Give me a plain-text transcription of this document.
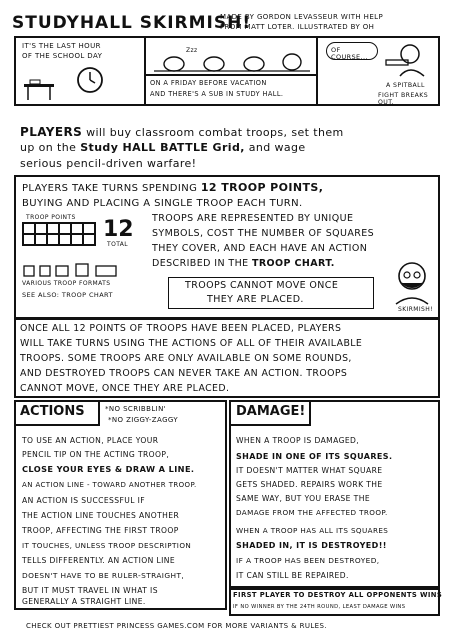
STUDYHALL SKIRMISH!
MADE BY GORDON LEVASSEUR WITH HELP
FROM MATT LOTER. ILLUSTRATED BY OH
IT'S THE LAST HOUR
OF THE SCHOOL DAY
Zzz
ON A FRIDAY BEFORE VACATION
AND THERE'S A SUB IN STUDY HALL.
OF COURSE...
A SPITBALL
FIGHT BREAKS OUT.
PLAYERS will buy classroom combat troops, set them
up on the Study HALL BATTLE Grid, and wage
serious pencil-driven warfare!
PLAYERS TAKE TURNS SPENDING 12 TROOP POINTS,
BUYING AND PLACING A SINGLE TROOP EACH TURN.
TROOP POINTS 12
TOTAL
VARIOUS TROOP FORMATS
SEE ALSO: TROOP CHART
TROOPS ARE REPRESENTED BY UNIQUE
SYMBOLS, COST THE NUMBER OF SQUARES
THEY COVER, AND EACH HAVE AN ACTION
DESCRIBED IN THE TROOP CHART.
TROOPS CANNOT MOVE ONCE
THEY ARE PLACED.
SKIRMISH!
ONCE ALL 12 POINTS OF TROOPS HAVE BEEN PLACED, PLAYERS
WILL TAKE TURNS USING THE ACTIONS OF ALL OF THEIR AVAILABLE
TROOPS. SOME TROOPS ARE ONLY AVAILABLE ON SOME ROUNDS,
AND DESTROYED TROOPS CAN NEVER TAKE AN ACTION. TROOPS
CANNOT MOVE, ONCE THEY ARE PLACED.
ACTIONS	*NO SCRIBBLIN'
*NO ZIGGY-ZAGGY
TO USE AN ACTION, PLACE YOUR
PENCIL TIP ON THE ACTING TROOP,
CLOSE YOUR EYES & DRAW A LINE.
AN ACTION LINE - TOWARD ANOTHER TROOP.
AN ACTION IS SUCCESSFUL IF
THE ACTION LINE TOUCHES ANOTHER
TROOP, AFFECTING THE FIRST TROOP
IT TOUCHES, UNLESS TROOP DESCRIPTION
TELLS DIFFERENTLY. AN ACTION LINE
DOESN'T HAVE TO BE RULER-STRAIGHT,
BUT IT MUST TRAVEL IN WHAT IS
GENERALLY A STRAIGHT LINE.
DAMAGE!
WHEN A TROOP IS DAMAGED,
SHADE IN ONE OF ITS SQUARES.
IT DOESN'T MATTER WHAT SQUARE
GETS SHADED. REPAIRS WORK THE
SAME WAY, BUT YOU ERASE THE
DAMAGE FROM THE AFFECTED TROOP.
WHEN A TROOP HAS ALL ITS SQUARES
SHADED IN, IT IS DESTROYED!!
IF A TROOP HAS BEEN DESTROYED,
IT CAN STILL BE REPAIRED.
FIRST PLAYER TO DESTROY ALL OPPONENTS WINS
IF NO WINNER BY THE 24TH ROUND, LEAST DAMAGE WINS
CHECK OUT PRETTIEST PRINCESS GAMES.COM FOR MORE VARIANTS & RULES.
